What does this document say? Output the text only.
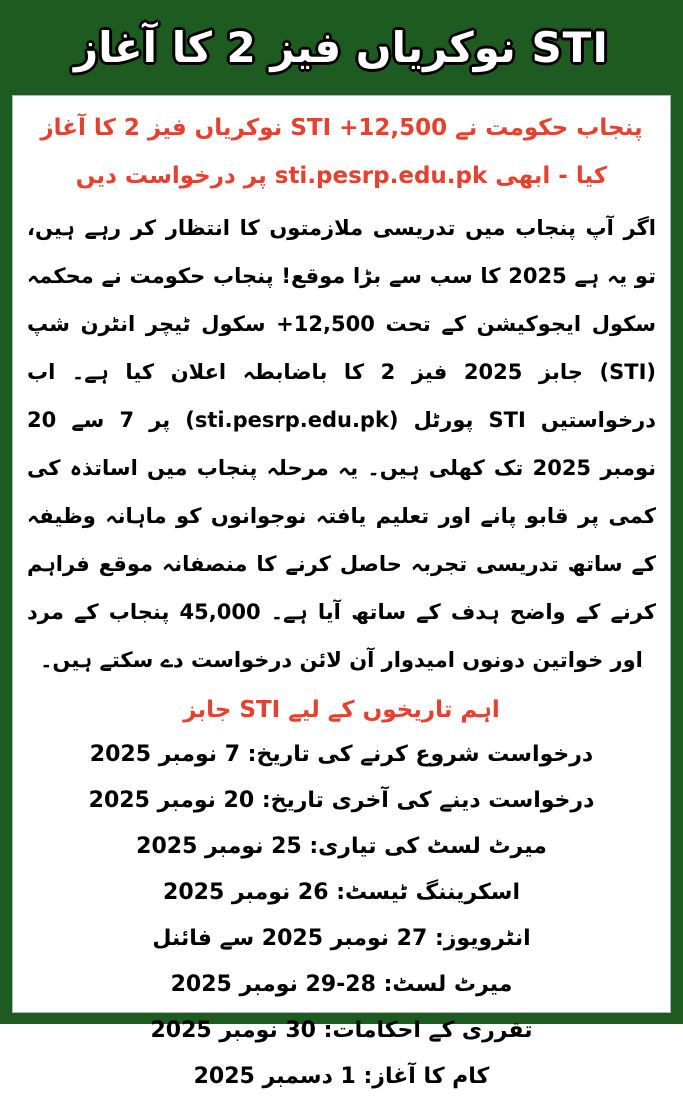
STI نوکریاں فیز 2 کا آغاز
پنجاب حکومت نے 12,500+ STI نوکریاں فیز 2 کا آغاز کیا - ابھی sti.pesrp.edu.pk پر درخواست دیں
اگر آپ پنجاب میں تدریسی ملازمتوں کا انتظار کر رہے ہیں، تو یہ ہے 2025 کا سب سے بڑا موقع! پنجاب حکومت نے محکمہ سکول ایجوکیشن کے تحت 12,500+ سکول ٹیچر انٹرن شپ (STI) جابز 2025 فیز 2 کا باضابطہ اعلان کیا ہے۔ اب درخواستیں STI پورٹل (sti.pesrp.edu.pk) پر 7 سے 20 نومبر 2025 تک کھلی ہیں۔ یہ مرحلہ پنجاب میں اساتذہ کی کمی پر قابو پانے اور تعلیم یافتہ نوجوانوں کو ماہانہ وظیفہ کے ساتھ تدریسی تجربہ حاصل کرنے کا منصفانہ موقع فراہم کرنے کے واضح ہدف کے ساتھ آیا ہے۔ 45,000 پنجاب کے مرد اور خواتین دونوں امیدوار آن لائن درخواست دے سکتے ہیں۔
اہم تاریخوں کے لیے STI جابز
درخواست شروع کرنے کی تاریخ: 7 نومبر 2025
درخواست دینے کی آخری تاریخ: 20 نومبر 2025
میرٹ لسٹ کی تیاری: 25 نومبر 2025
اسکریننگ ٹیسٹ: 26 نومبر 2025
انٹرویوز: 27 نومبر 2025 سے فائنل
میرٹ لسٹ: 28-29 نومبر 2025
تقرری کے احکامات: 30 نومبر 2025
کام کا آغاز: 1 دسمبر 2025
